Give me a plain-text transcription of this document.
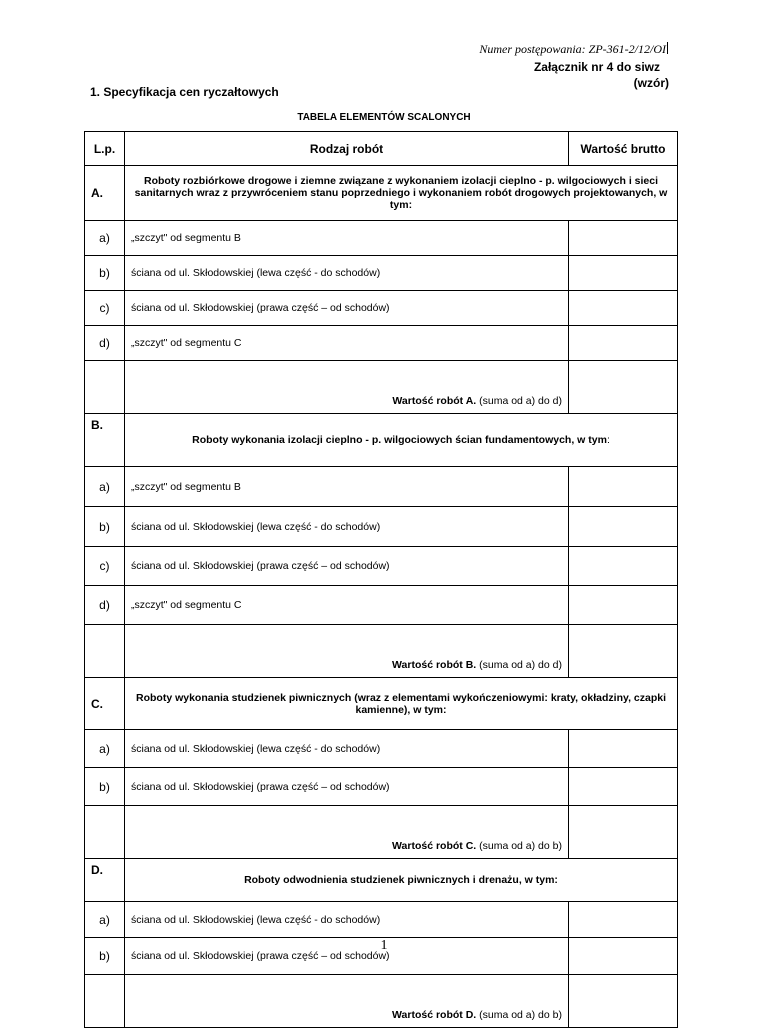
Numer postępowania: ZP-361-2/12/OI
Załącznik nr 4 do siwz
(wzór)
1. Specyfikacja cen ryczałtowych
TABELA ELEMENTÓW SCALONYCH
L.p.	Rodzaj robót	Wartość brutto
A.	Roboty rozbiórkowe drogowe i ziemne związane z wykonaniem izolacji cieplno - p. wilgociowych i sieci sanitarnych wraz z przywróceniem stanu poprzedniego i wykonaniem robót drogowych projektowanych, w tym:	
a)	„szczyt" od segmentu B	
b)	ściana od ul. Skłodowskiej (lewa część - do schodów)	
c)	ściana od ul. Skłodowskiej (prawa część – od schodów)	
d)	„szczyt" od segmentu C	
	Wartość robót A. (suma od a) do d)	
B.	Roboty wykonania izolacji cieplno - p. wilgociowych ścian fundamentowych, w tym:	
a)	„szczyt" od segmentu B	
b)	ściana od ul. Skłodowskiej (lewa część - do schodów)	
c)	ściana od ul. Skłodowskiej (prawa część – od schodów)	
d)	„szczyt" od segmentu C	
	Wartość robót B. (suma od a) do d)	
C.	Roboty wykonania studzienek piwnicznych (wraz z elementami wykończeniowymi: kraty, okładziny, czapki kamienne), w tym:	
a)	ściana od ul. Skłodowskiej (lewa część - do schodów)	
b)	ściana od ul. Skłodowskiej (prawa część – od schodów)	
	Wartość robót C. (suma od a) do b)	
D.	Roboty odwodnienia studzienek piwnicznych i drenażu, w tym:	
a)	ściana od ul. Skłodowskiej (lewa część - do schodów)	
b)	ściana od ul. Skłodowskiej (prawa część – od schodów)	
	Wartość robót D. (suma od a) do b)	
1
